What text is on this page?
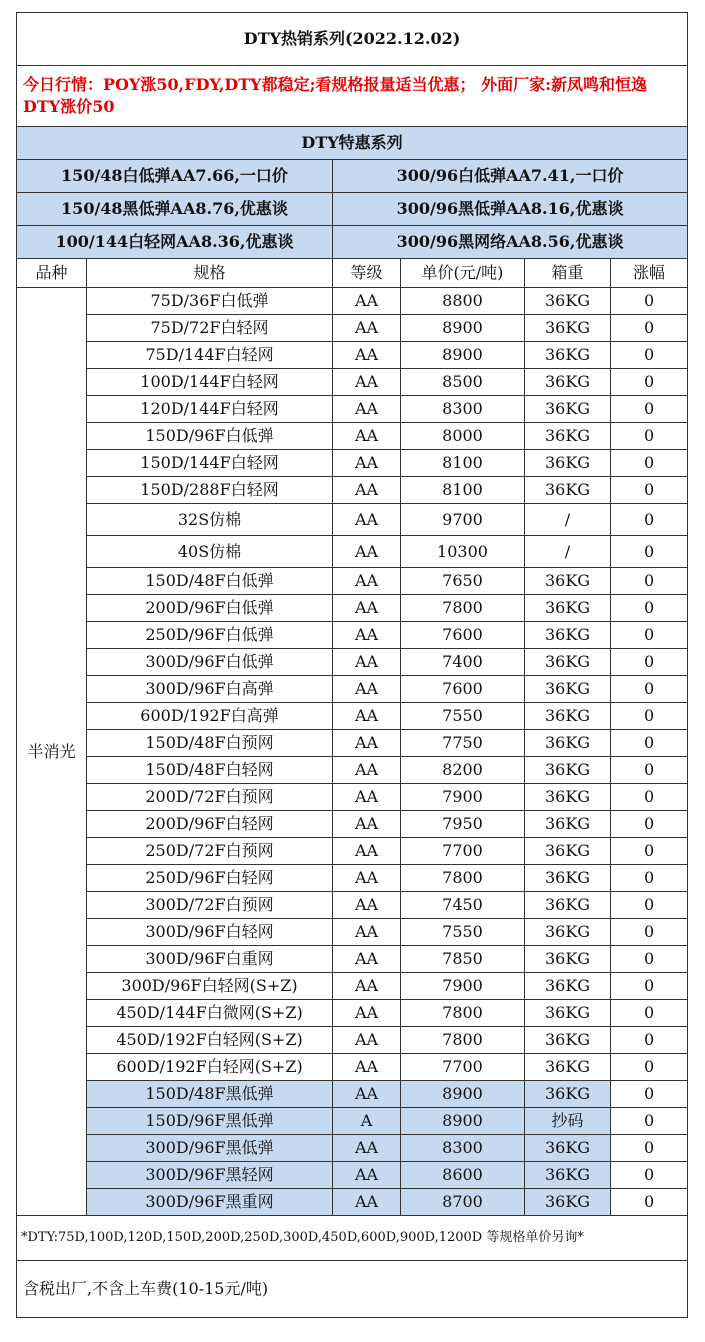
DTY热销系列(2022.12.02)					
今日行情：POY涨50,FDY,DTY都稳定;看规格报量适当优惠； 外面厂家:新凤鸣和恒逸DTY涨价50					
DTY特惠系列					
150/48白低弹AA7.66,一口价		300/96白低弹AA7.41,一口价			
150/48黑低弹AA8.76,优惠谈		300/96黑低弹AA8.16,优惠谈			
100/144白轻网AA8.36,优惠谈		300/96黑网络AA8.56,优惠谈			
品种	规格	等级	单价(元/吨)	箱重	涨幅
半消光	75D/36F白低弹	AA	8800	36KG	0
	75D/72F白轻网	AA	8900	36KG	0
	75D/144F白轻网	AA	8900	36KG	0
	100D/144F白轻网	AA	8500	36KG	0
	120D/144F白轻网	AA	8300	36KG	0
	150D/96F白低弹	AA	8000	36KG	0
	150D/144F白轻网	AA	8100	36KG	0
	150D/288F白轻网	AA	8100	36KG	0
	32S仿棉	AA	9700	/	0
	40S仿棉	AA	10300	/	0
	150D/48F白低弹	AA	7650	36KG	0
	200D/96F白低弹	AA	7800	36KG	0
	250D/96F白低弹	AA	7600	36KG	0
	300D/96F白低弹	AA	7400	36KG	0
	300D/96F白高弹	AA	7600	36KG	0
	600D/192F白高弹	AA	7550	36KG	0
	150D/48F白预网	AA	7750	36KG	0
	150D/48F白轻网	AA	8200	36KG	0
	200D/72F白预网	AA	7900	36KG	0
	200D/96F白轻网	AA	7950	36KG	0
	250D/72F白预网	AA	7700	36KG	0
	250D/96F白轻网	AA	7800	36KG	0
	300D/72F白预网	AA	7450	36KG	0
	300D/96F白轻网	AA	7550	36KG	0
	300D/96F白重网	AA	7850	36KG	0
	300D/96F白轻网(S+Z)	AA	7900	36KG	0
	450D/144F白微网(S+Z)	AA	7800	36KG	0
	450D/192F白轻网(S+Z)	AA	7800	36KG	0
	600D/192F白轻网(S+Z)	AA	7700	36KG	0
	150D/48F黑低弹	AA	8900	36KG	0
	150D/96F黑低弹	A	8900	抄码	0
	300D/96F黑低弹	AA	8300	36KG	0
	300D/96F黑轻网	AA	8600	36KG	0
	300D/96F黑重网	AA	8700	36KG	0
*DTY:75D,100D,120D,150D,200D,250D,300D,450D,600D,900D,1200D 等规格单价另询*					
含税出厂,不含上车费(10-15元/吨)					
